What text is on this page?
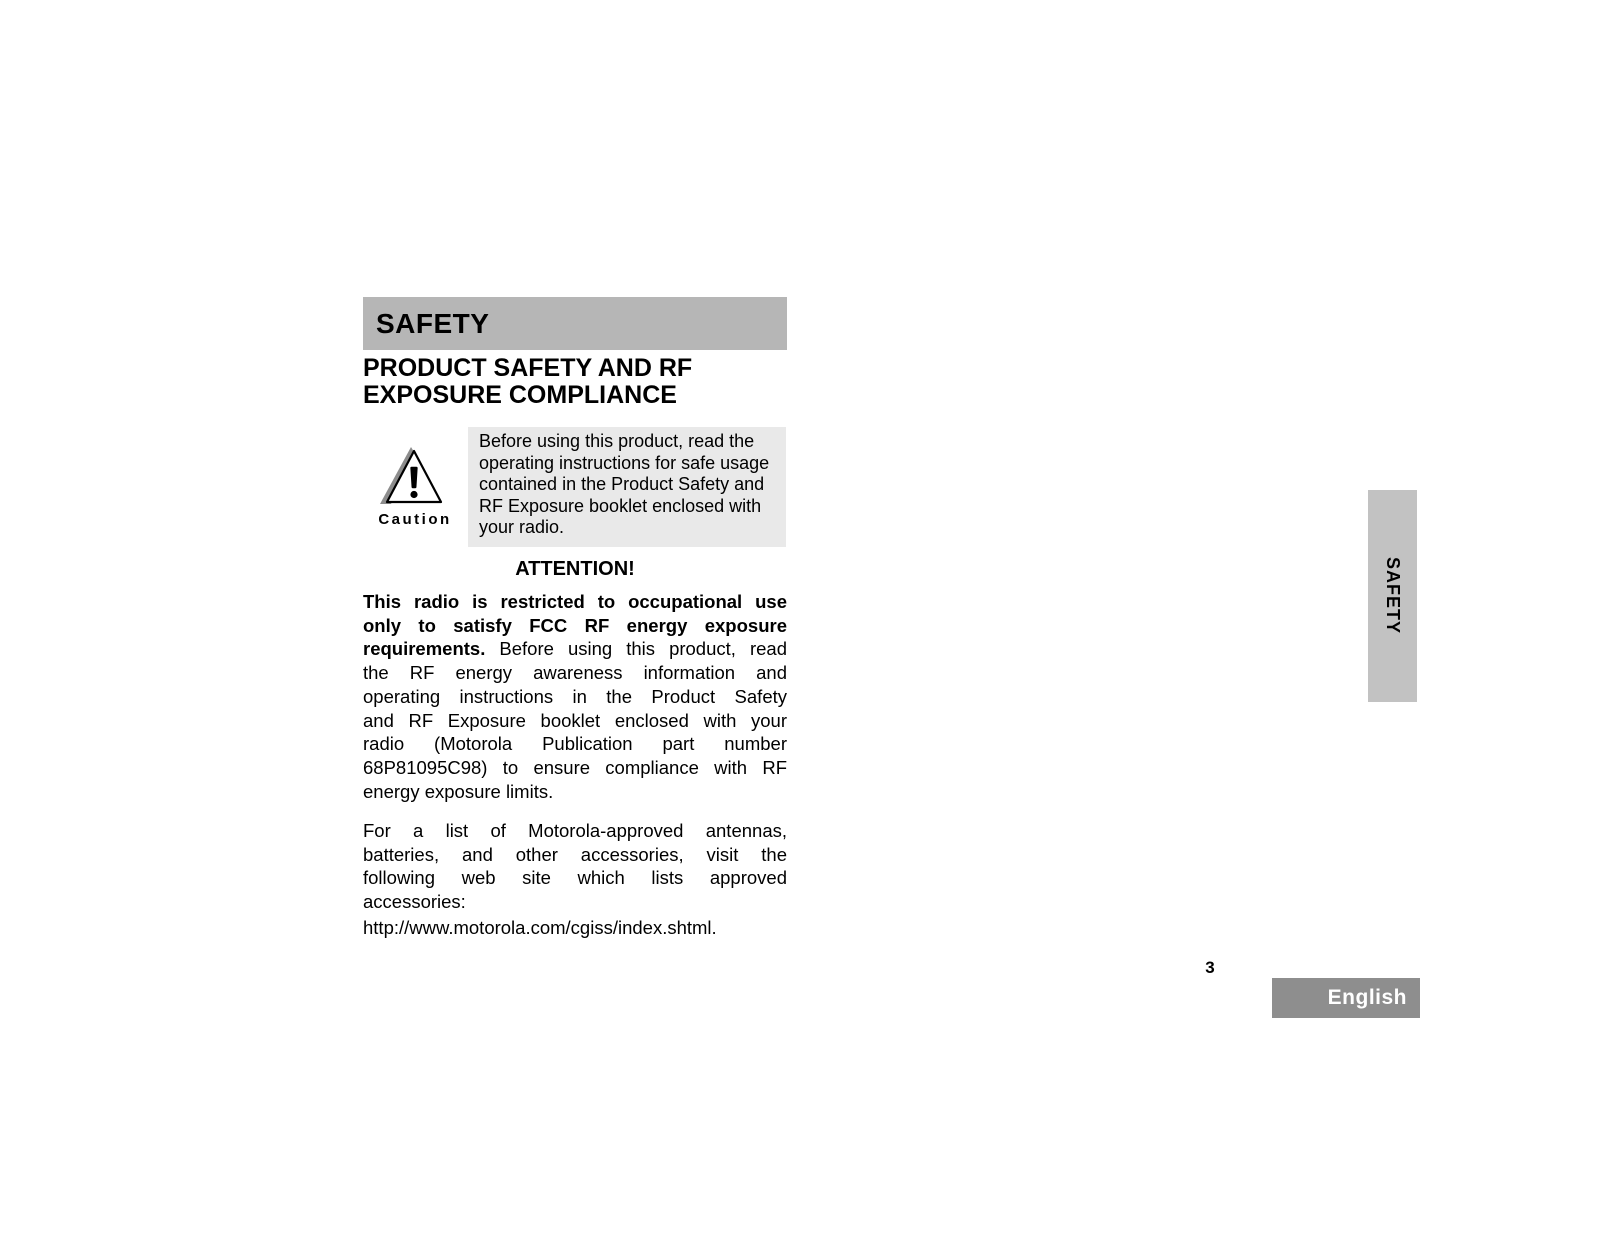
SAFETY
PRODUCT SAFETY AND RF
EXPOSURE COMPLIANCE
Caution
Before using this product, read the
operating instructions for safe usage
contained in the Product Safety and
RF Exposure booklet enclosed with
your radio.
ATTENTION!
This radio is restricted to occupational use
only to satisfy FCC RF energy exposure
requirements. Before using this product, read
the RF energy awareness information and
operating instructions in the Product Safety
and RF Exposure booklet enclosed with your
radio (Motorola Publication part number
68P81095C98) to ensure compliance with RF
energy exposure limits.
For a list of Motorola-approved antennas,
batteries, and other accessories, visit the
following web site which lists approved
accessories:
http://www.motorola.com/cgiss/index.shtml.
3
English
SAFETY
